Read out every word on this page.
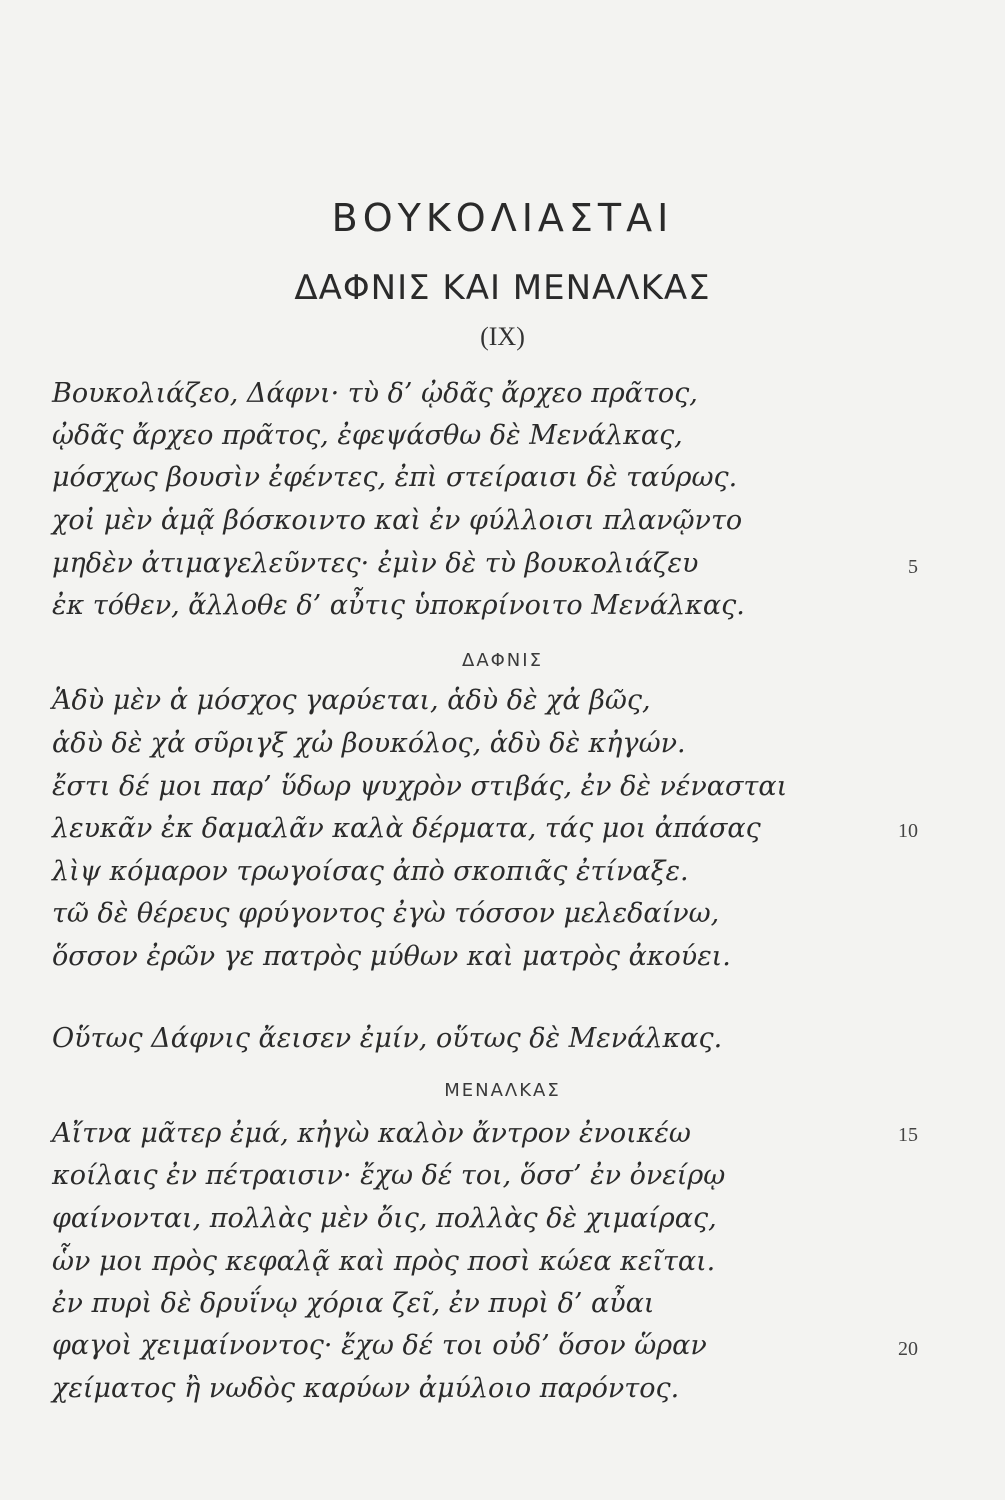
ΒΟΥΚΟΛΙΑΣΤΑΙ
ΔΑΦΝΙΣ ΚΑΙ ΜΕΝΑΛΚΑΣ
(IX)
Βουκολιάζεο, Δάφνι· τὺ δ’ ᾠδᾶς ἄρχεο πρᾶτος,
ᾠδᾶς ἄρχεο πρᾶτος, ἐφεψάσθω δὲ Μενάλκας,
μόσχως βουσὶν ἐφέντες, ἐπὶ στείραισι δὲ ταύρως.
χοἰ μὲν ἁμᾷ βόσκοιντο καὶ ἐν φύλλοισι πλανῷντο
μηδὲν ἀτιμαγελεῦντες· ἐμὶν δὲ τὺ βουκολιάζευ	5
ἐκ τόθεν, ἄλλοθε δ’ αὖτις ὑποκρίνοιτο Μενάλκας.
ΔΑΦΝΙΣ
Ἁδὺ μὲν ἁ μόσχος γαρύεται, ἁδὺ δὲ χἀ βῶς,
ἁδὺ δὲ χἀ σῦριγξ χὠ βουκόλος, ἁδὺ δὲ κἠγών.
ἔστι δέ μοι παρ’ ὕδωρ ψυχρὸν στιβάς, ἐν δὲ νένασται
λευκᾶν ἐκ δαμαλᾶν καλὰ δέρματα, τάς μοι ἀπάσας	10
λὶψ κόμαρον τρωγοίσας ἀπὸ σκοπιᾶς ἐτίναξε.
τῶ δὲ θέρευς φρύγοντος ἐγὼ τόσσον μελεδαίνω,
ὅσσον ἐρῶν γε πατρὸς μύθων καὶ ματρὸς ἀκούει.
Οὕτως Δάφνις ἄεισεν ἐμίν, οὕτως δὲ Μενάλκας.
ΜΕΝΑΛΚΑΣ
Αἴτνα μᾶτερ ἐμά, κἠγὼ καλὸν ἄντρον ἐνοικέω	15
κοίλαις ἐν πέτραισιν· ἔχω δέ τοι, ὅσσ’ ἐν ὀνείρῳ
φαίνονται, πολλὰς μὲν ὄις, πολλὰς δὲ χιμαίρας,
ὧν μοι πρὸς κεφαλᾷ καὶ πρὸς ποσὶ κώεα κεῖται.
ἐν πυρὶ δὲ δρυΐνῳ χόρια ζεῖ, ἐν πυρὶ δ’ αὖαι
φαγοὶ χειμαίνοντος· ἔχω δέ τοι οὐδ’ ὅσον ὥραν	20
χείματος ἢ νωδὸς καρύων ἀμύλοιο παρόντος.
